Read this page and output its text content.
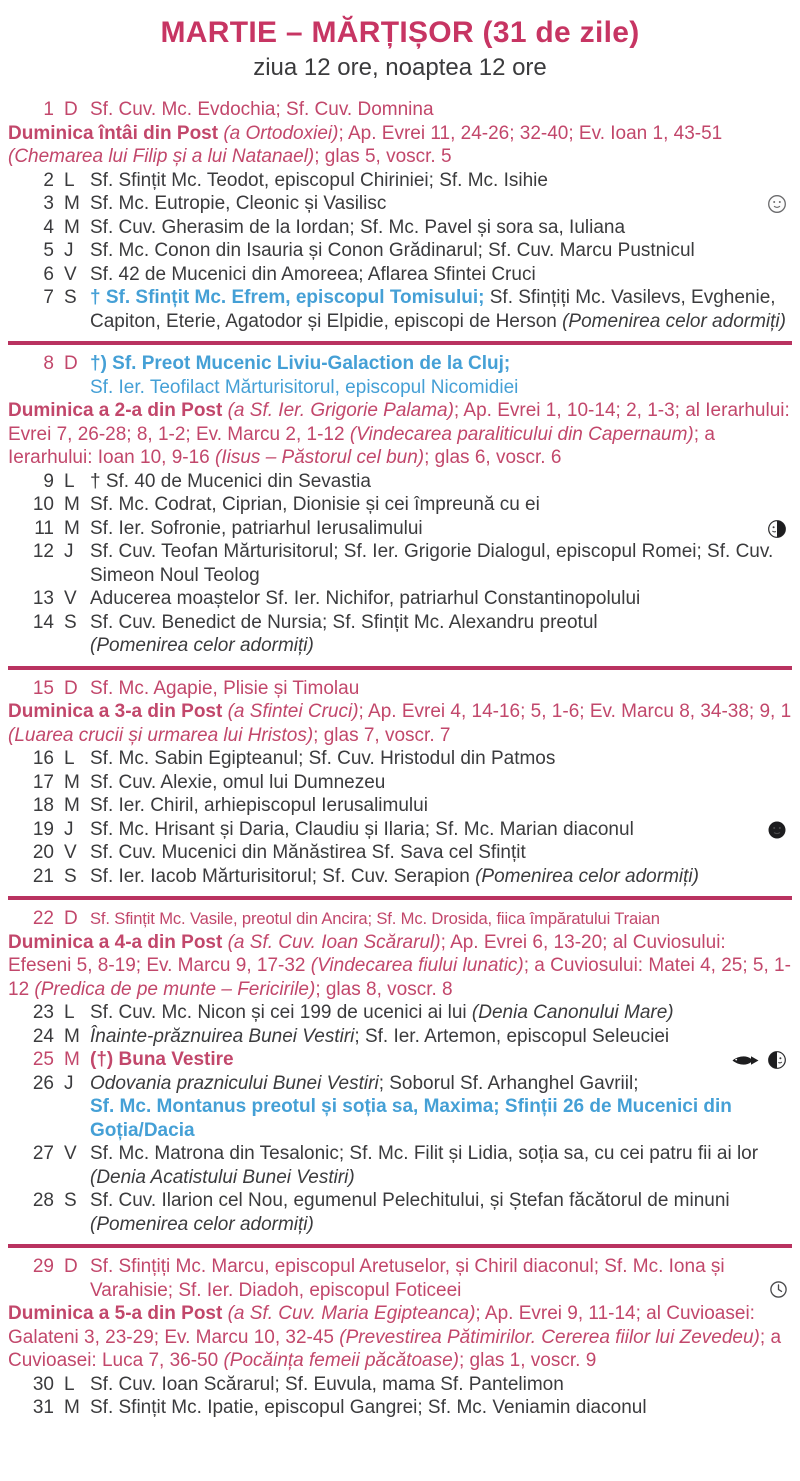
MARTIE – MĂRȚIȘOR (31 de zile)
ziua 12 ore, noaptea 12 ore
1 D Sf. Cuv. Mc. Evdochia; Sf. Cuv. Domnina
Duminica întâi din Post (a Ortodoxiei); Ap. Evrei 11, 24-26; 32-40; Ev. Ioan 1, 43-51 (Chemarea lui Filip și a lui Natanael); glas 5, voscr. 5
2 L Sf. Sfințit Mc. Teodot, episcopul Chiriniei; Sf. Mc. Isihie
3 M Sf. Mc. Eutropie, Cleonic și Vasilisc
4 M Sf. Cuv. Gherasim de la Iordan; Sf. Mc. Pavel și sora sa, Iuliana
5 J Sf. Mc. Conon din Isauria și Conon Grădinarul; Sf. Cuv. Marcu Pustnicul
6 V Sf. 42 de Mucenici din Amoreea; Aflarea Sfintei Cruci
7 S † Sf. Sfințit Mc. Efrem, episcopul Tomisului; Sf. Sfințiți Mc. Vasilevs, Evghenie, Capiton, Eterie, Agatodor și Elpidie, episcopi de Herson (Pomenirea celor adormiți)
8 D †) Sf. Preot Mucenic Liviu-Galaction de la Cluj;
Sf. Ier. Teofilact Mărturisitorul, episcopul Nicomidiei
Duminica a 2-a din Post (a Sf. Ier. Grigorie Palama); Ap. Evrei 1, 10-14; 2, 1-3; al Ierarhului: Evrei 7, 26-28; 8, 1-2; Ev. Marcu 2, 1-12 (Vindecarea paraliticului din Capernaum); a Ierarhului: Ioan 10, 9-16 (Iisus – Păstorul cel bun); glas 6, voscr. 6
9 L † Sf. 40 de Mucenici din Sevastia
10 M Sf. Mc. Codrat, Ciprian, Dionisie și cei împreună cu ei
11 M Sf. Ier. Sofronie, patriarhul Ierusalimului
12 J Sf. Cuv. Teofan Mărturisitorul; Sf. Ier. Grigorie Dialogul, episcopul Romei; Sf. Cuv. Simeon Noul Teolog
13 V Aducerea moaștelor Sf. Ier. Nichifor, patriarhul Constantinopolului
14 S Sf. Cuv. Benedict de Nursia; Sf. Sfințit Mc. Alexandru preotul
(Pomenirea celor adormiți)
15 D Sf. Mc. Agapie, Plisie și Timolau
Duminica a 3-a din Post (a Sfintei Cruci); Ap. Evrei 4, 14-16; 5, 1-6; Ev. Marcu 8, 34-38; 9, 1 (Luarea crucii și urmarea lui Hristos); glas 7, voscr. 7
16 L Sf. Mc. Sabin Egipteanul; Sf. Cuv. Hristodul din Patmos
17 M Sf. Cuv. Alexie, omul lui Dumnezeu
18 M Sf. Ier. Chiril, arhiepiscopul Ierusalimului
19 J Sf. Mc. Hrisant și Daria, Claudiu și Ilaria; Sf. Mc. Marian diaconul
20 V Sf. Cuv. Mucenici din Mănăstirea Sf. Sava cel Sfințit
21 S Sf. Ier. Iacob Mărturisitorul; Sf. Cuv. Serapion (Pomenirea celor adormiți)
22 D Sf. Sfințit Mc. Vasile, preotul din Ancira; Sf. Mc. Drosida, fiica împăratului Traian
Duminica a 4-a din Post (a Sf. Cuv. Ioan Scărarul); Ap. Evrei 6, 13-20; al Cuviosului: Efeseni 5, 8-19; Ev. Marcu 9, 17-32 (Vindecarea fiului lunatic); a Cuviosului: Matei 4, 25; 5, 1-12 (Predica de pe munte – Fericirile); glas 8, voscr. 8
23 L Sf. Cuv. Mc. Nicon și cei 199 de ucenici ai lui (Denia Canonului Mare)
24 M Înainte-prăznuirea Bunei Vestiri; Sf. Ier. Artemon, episcopul Seleuciei
25 M (†) Buna Vestire
26 J Odovania praznicului Bunei Vestiri; Soborul Sf. Arhanghel Gavriil;
Sf. Mc. Montanus preotul și soția sa, Maxima; Sfinții 26 de Mucenici din Goția/Dacia
27 V Sf. Mc. Matrona din Tesalonic; Sf. Mc. Filit și Lidia, soția sa, cu cei patru fii ai lor (Denia Acatistului Bunei Vestiri)
28 S Sf. Cuv. Ilarion cel Nou, egumenul Pelechitului, și Ștefan făcătorul de minuni (Pomenirea celor adormiți)
29 D Sf. Sfințiți Mc. Marcu, episcopul Aretuselor, și Chiril diaconul; Sf. Mc. Iona și Varahisie; Sf. Ier. Diadoh, episcopul Foticeei
Duminica a 5-a din Post (a Sf. Cuv. Maria Egipteanca); Ap. Evrei 9, 11-14; al Cuvioasei: Galateni 3, 23-29; Ev. Marcu 10, 32-45 (Prevestirea Pătimirilor. Cererea fiilor lui Zevedeu); a Cuvioasei: Luca 7, 36-50 (Pocăința femeii păcătoase); glas 1, voscr. 9
30 L Sf. Cuv. Ioan Scărarul; Sf. Euvula, mama Sf. Pantelimon
31 M Sf. Sfințit Mc. Ipatie, episcopul Gangrei; Sf. Mc. Veniamin diaconul
